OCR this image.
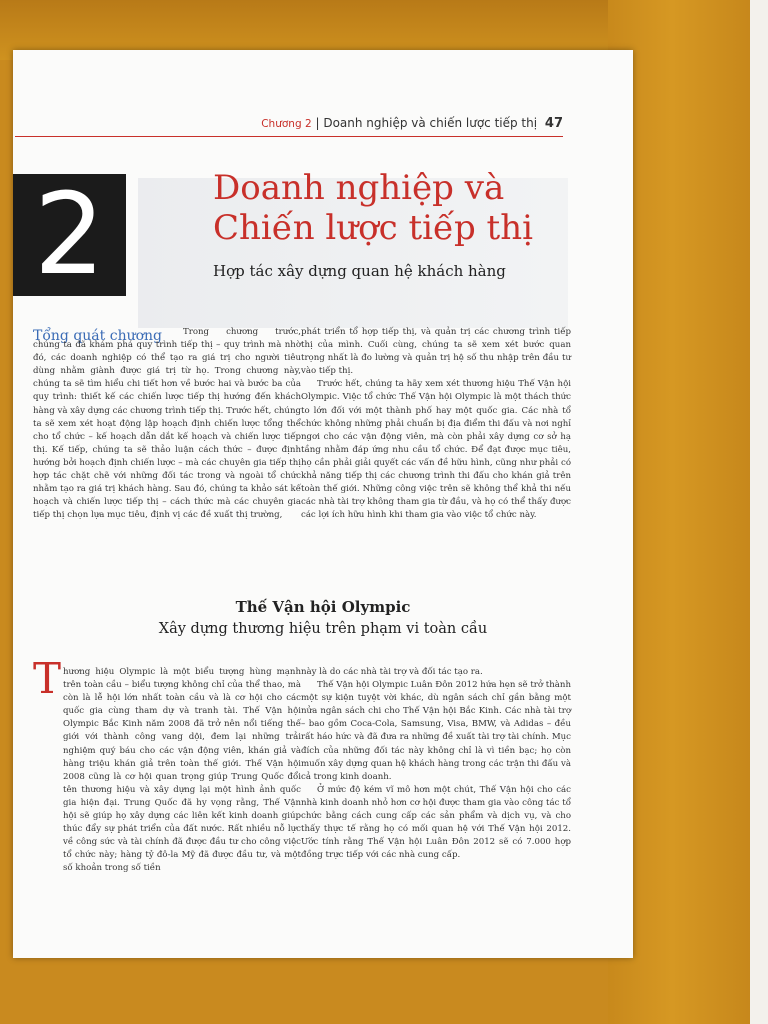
Chương 2 | Doanh nghiệp và chiến lược tiếp thị 47
2	Doanh nghiệp và
Chiến lược tiếp thị
Hợp tác xây dựng quan hệ khách hàng
Tổng quát chương	Trong chương trước, chúng ta đã khám phá quy trình tiếp thị – quy trình mà nhờ đó, các doanh nghiệp có thể tạo ra giá trị cho người tiêu dùng nhằm giành được giá trị từ họ. Trong chương này, chúng ta sẽ tìm hiểu chi tiết hơn về bước hai và bước ba của quy trình: thiết kế các chiến lược tiếp thị hướng đến khách hàng và xây dựng các chương trình tiếp thị. Trước hết, chúng ta sẽ xem xét hoạt động lập hoạch định chiến lược tổng thể cho tổ chức – kế hoạch dẫn dắt kế hoạch và chiến lược tiếp thị. Kế tiếp, chúng ta sẽ thảo luận cách thức – được định hướng bởi hoạch định chiến lược – mà các chuyên gia tiếp thị hợp tác chặt chẽ với những đối tác trong và ngoài tổ chức nhằm tạo ra giá trị khách hàng. Sau đó, chúng ta khảo sát kế hoạch và chiến lược tiếp thị – cách thức mà các chuyên gia tiếp thị chọn lựa mục tiêu, định vị các đề xuất thị trường,

phát triển tổ hợp tiếp thị, và quản trị các chương trình tiếp thị của mình. Cuối cùng, chúng ta sẽ xem xét bước quan trọng nhất là đo lường và quản trị hệ số thu nhập trên đầu tư vào tiếp thị.

Trước hết, chúng ta hãy xem xét thương hiệu Thế Vận hội Olympic. Việc tổ chức Thế Vận hội Olympic là một thách thức to lớn đối với một thành phố hay một quốc gia. Các nhà tổ chức không những phải chuẩn bị địa điểm thi đấu và nơi nghỉ ngơi cho các vận động viên, mà còn phải xây dựng cơ sở hạ tầng nhằm đáp ứng nhu cầu tổ chức. Để đạt được mục tiêu, họ cần phải giải quyết các vấn đề hữu hình, cũng như phải có khả năng tiếp thị các chương trình thi đấu cho khán giả trên toàn thế giới. Những công việc trên sẽ không thể khả thi nếu các nhà tài trợ không tham gia từ đầu, và họ có thể thấy được các lợi ích hữu hình khi tham gia vào việc tổ chức này.

Thế Vận hội Olympic
Xây dựng thương hiệu trên phạm vi toàn cầu
T hương hiệu Olympic là một biểu tượng hùng mạnh trên toàn cầu – biểu tượng không chỉ của thể thao, mà còn là lễ hội lớn nhất toàn cầu và là cơ hội cho các quốc gia cùng tham dự và tranh tài. Thế Vận hội Olympic Bắc Kinh năm 2008 đã trở nên nổi tiếng thế giới với thành công vang dội, đem lại những trải nghiệm quý báu cho các vận động viên, khán giả và hàng triệu khán giả trên toàn thế giới. Thế Vận hội 2008 cũng là cơ hội quan trọng giúp Trung Quốc đổi tên thương hiệu và xây dựng lại một hình ảnh quốc gia hiện đại. Trung Quốc đã hy vọng rằng, Thế Vận hội sẽ giúp họ xây dựng các liên kết kinh doanh giúp thúc đẩy sự phát triển của đất nước. Rất nhiều nỗ lực về công sức và tài chính đã được đầu tư cho công việc tổ chức này; hàng tỷ đô-la Mỹ đã được đầu tư, và một số khoản trong số tiền

này là do các nhà tài trợ và đối tác tạo ra.

Thế Vận hội Olympic Luân Đôn 2012 hứa hẹn sẽ trở thành một sự kiện tuyệt vời khác, dù ngân sách chỉ gần bằng một nửa ngân sách chi cho Thế Vận hội Bắc Kinh. Các nhà tài trợ – bao gồm Coca-Cola, Samsung, Visa, BMW, và Adidas – đều rất háo hức và đã đưa ra những đề xuất tài trợ tài chính. Mục đích của những đối tác này không chỉ là vì tiền bạc; họ còn muốn xây dựng quan hệ khách hàng trong các trận thi đấu và cả trong kinh doanh.

Ở mức độ kém vĩ mô hơn một chút, Thế Vận hội cho các nhà kinh doanh nhỏ hơn cơ hội được tham gia vào công tác tổ chức bằng cách cung cấp các sản phẩm và dịch vụ, và cho thấy thực tế rằng họ có mối quan hệ với Thế Vận hội 2012. Ước tính rằng Thế Vận hội Luân Đôn 2012 sẽ có 7.000 hợp đồng trực tiếp với các nhà cung cấp.
